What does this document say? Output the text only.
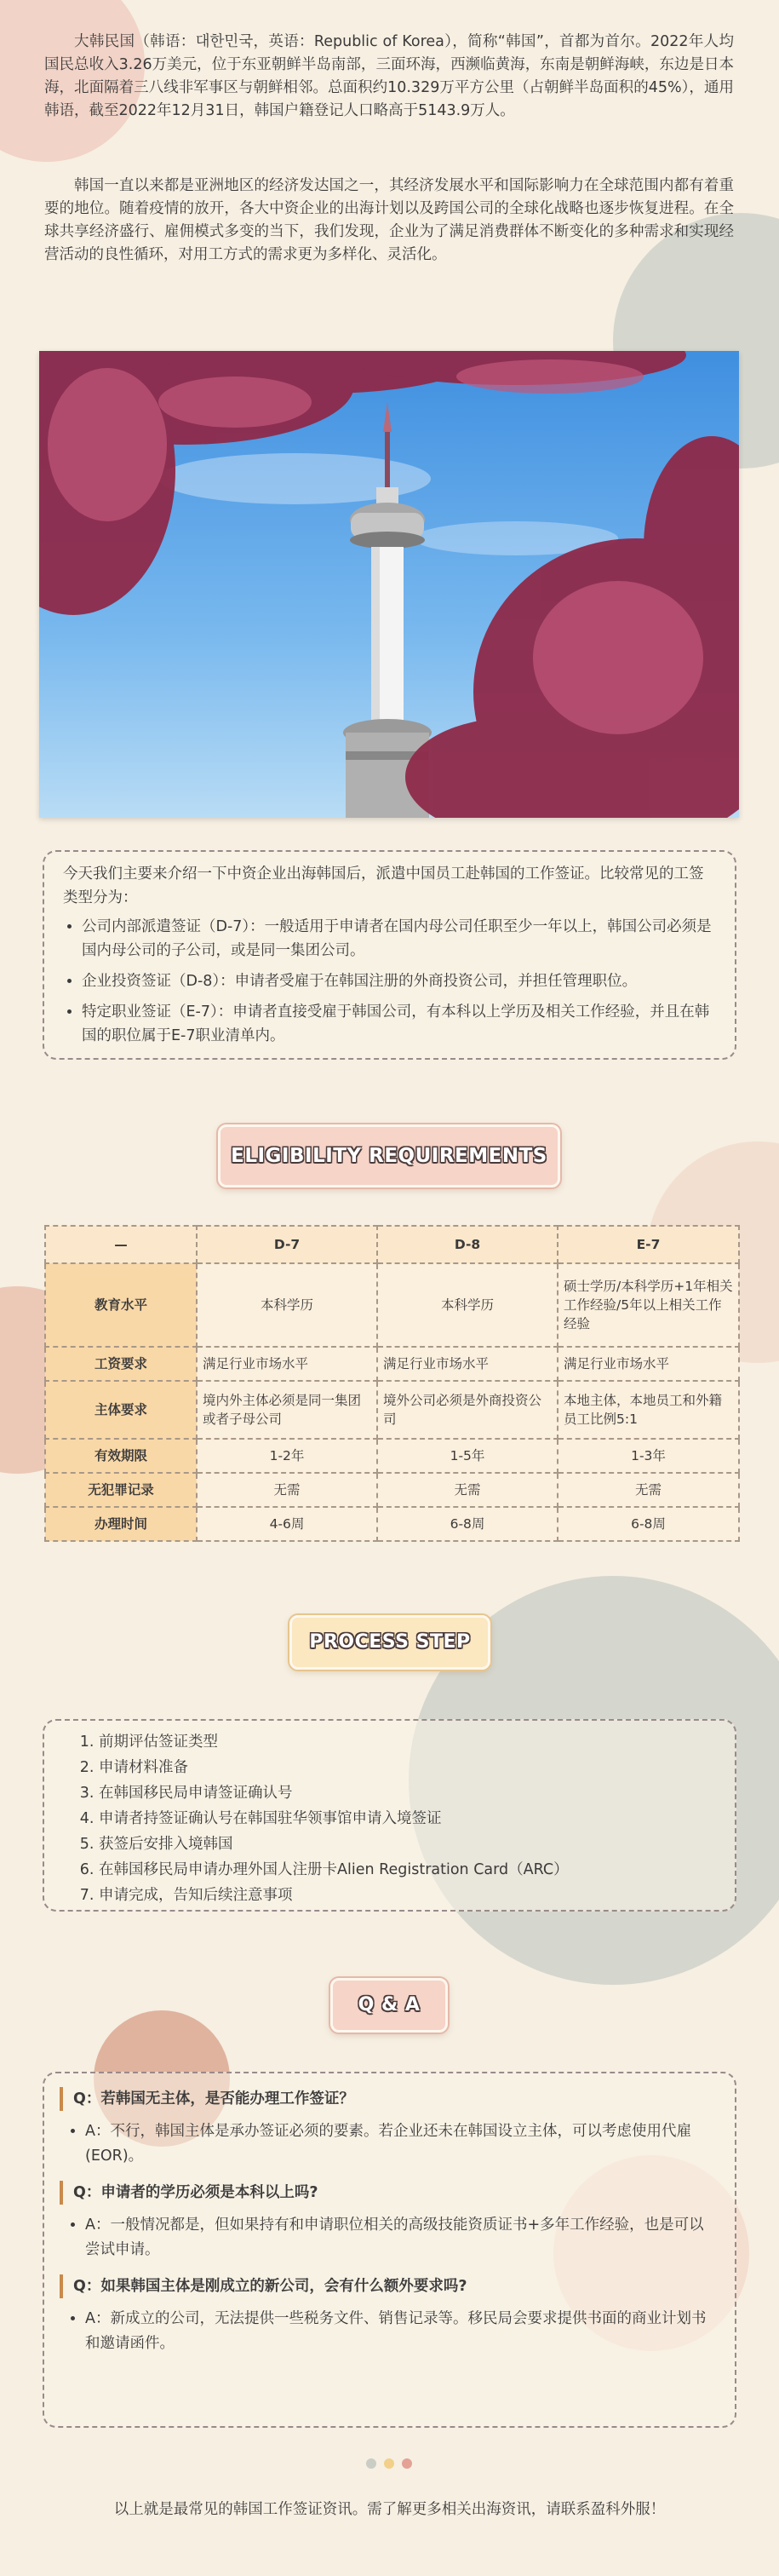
大韩民国（韩语：대한민국，英语：Republic of Korea），简称“韩国”，首都为首尔。2022年人均国民总收入3.26万美元，位于东亚朝鲜半岛南部，三面环海，西濒临黄海，东南是朝鲜海峡，东边是日本海，北面隔着三八线非军事区与朝鲜相邻。总面积约10.329万平方公里（占朝鲜半岛面积的45%），通用韩语，截至2022年12月31日，韩国户籍登记人口略高于5143.9万人。

韩国一直以来都是亚洲地区的经济发达国之一，其经济发展水平和国际影响力在全球范围内都有着重要的地位。随着疫情的放开，各大中资企业的出海计划以及跨国公司的全球化战略也逐步恢复进程。在全球共享经济盛行、雇佣模式多变的当下，我们发现，企业为了满足消费群体不断变化的多种需求和实现经营活动的良性循环，对用工方式的需求更为多样化、灵活化。

今天我们主要来介绍一下中资企业出海韩国后，派遣中国员工赴韩国的工作签证。比较常见的工签类型分为：

• 公司内部派遣签证（D-7）：一般适用于申请者在国内母公司任职至少一年以上，韩国公司必须是国内母公司的子公司，或是同一集团公司。
• 企业投资签证（D-8）：申请者受雇于在韩国注册的外商投资公司，并担任管理职位。
• 特定职业签证（E-7）：申请者直接受雇于韩国公司，有本科以上学历及相关工作经验，并且在韩国的职位属于E-7职业清单内。
ELIGIBILITY REQUIREMENTS
—	D-7	D-8	E-7
教育水平	本科学历	本科学历	硕士学历/本科学历+1年相关工作经验/5年以上相关工作经验
工资要求	满足行业市场水平	满足行业市场水平	满足行业市场水平
主体要求	境内外主体必须是同一集团或者子母公司	境外公司必须是外商投资公司	本地主体，本地员工和外籍员工比例5:1
有效期限	1-2年	1-5年	1-3年
无犯罪记录	无需	无需	无需
办理时间	4-6周	6-8周	6-8周
PROCESS STEP
1. 前期评估签证类型
2. 申请材料准备
3. 在韩国移民局申请签证确认号
4. 申请者持签证确认号在韩国驻华领事馆申请入境签证
5. 获签后安排入境韩国
6. 在韩国移民局申请办理外国人注册卡Alien Registration Card（ARC）
7. 申请完成，告知后续注意事项
Q & A
Q：若韩国无主体，是否能办理工作签证？
• A：不行，韩国主体是承办签证必须的要素。若企业还未在韩国设立主体，可以考虑使用代雇(EOR)。
Q：申请者的学历必须是本科以上吗?
• A：一般情况都是，但如果持有和申请职位相关的高级技能资质证书+多年工作经验，也是可以尝试申请。
Q：如果韩国主体是刚成立的新公司，会有什么额外要求吗?
• A：新成立的公司，无法提供一些税务文件、销售记录等。移民局会要求提供书面的商业计划书和邀请函件。
以上就是最常见的韩国工作签证资讯。需了解更多相关出海资讯，请联系盈科外服！
